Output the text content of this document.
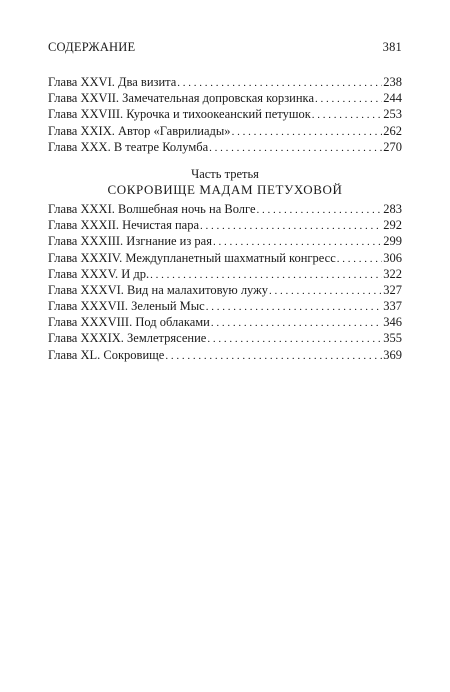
СОДЕРЖАНИЕ	381
Глава XXVI. Два визита . . .	238
Глава XXVII. Замечательная допровская корзинка . . .	244
Глава XXVIII. Курочка и тихоокеанский петушок . . .	253
Глава XXIX. Автор «Гаврилиады» . . .	262
Глава XXX. В театре Колумба . . .	270
Часть третья
СОКРОВИЩЕ МАДАМ ПЕТУХОВОЙ
Глава XXXI. Волшебная ночь на Волге . . .	283
Глава XXXII. Нечистая пара . . .	292
Глава XXXIII. Изгнание из рая . . .	299
Глава XXXIV. Междупланетный шахматный конгресс . . .	306
Глава XXXV. И др. . . .	322
Глава XXXVI. Вид на малахитовую лужу . . .	327
Глава XXXVII. Зеленый Мыс . . .	337
Глава XXXVIII. Под облаками . . .	346
Глава XXXIX. Землетрясение . . .	355
Глава XL. Сокровище . . .	369
